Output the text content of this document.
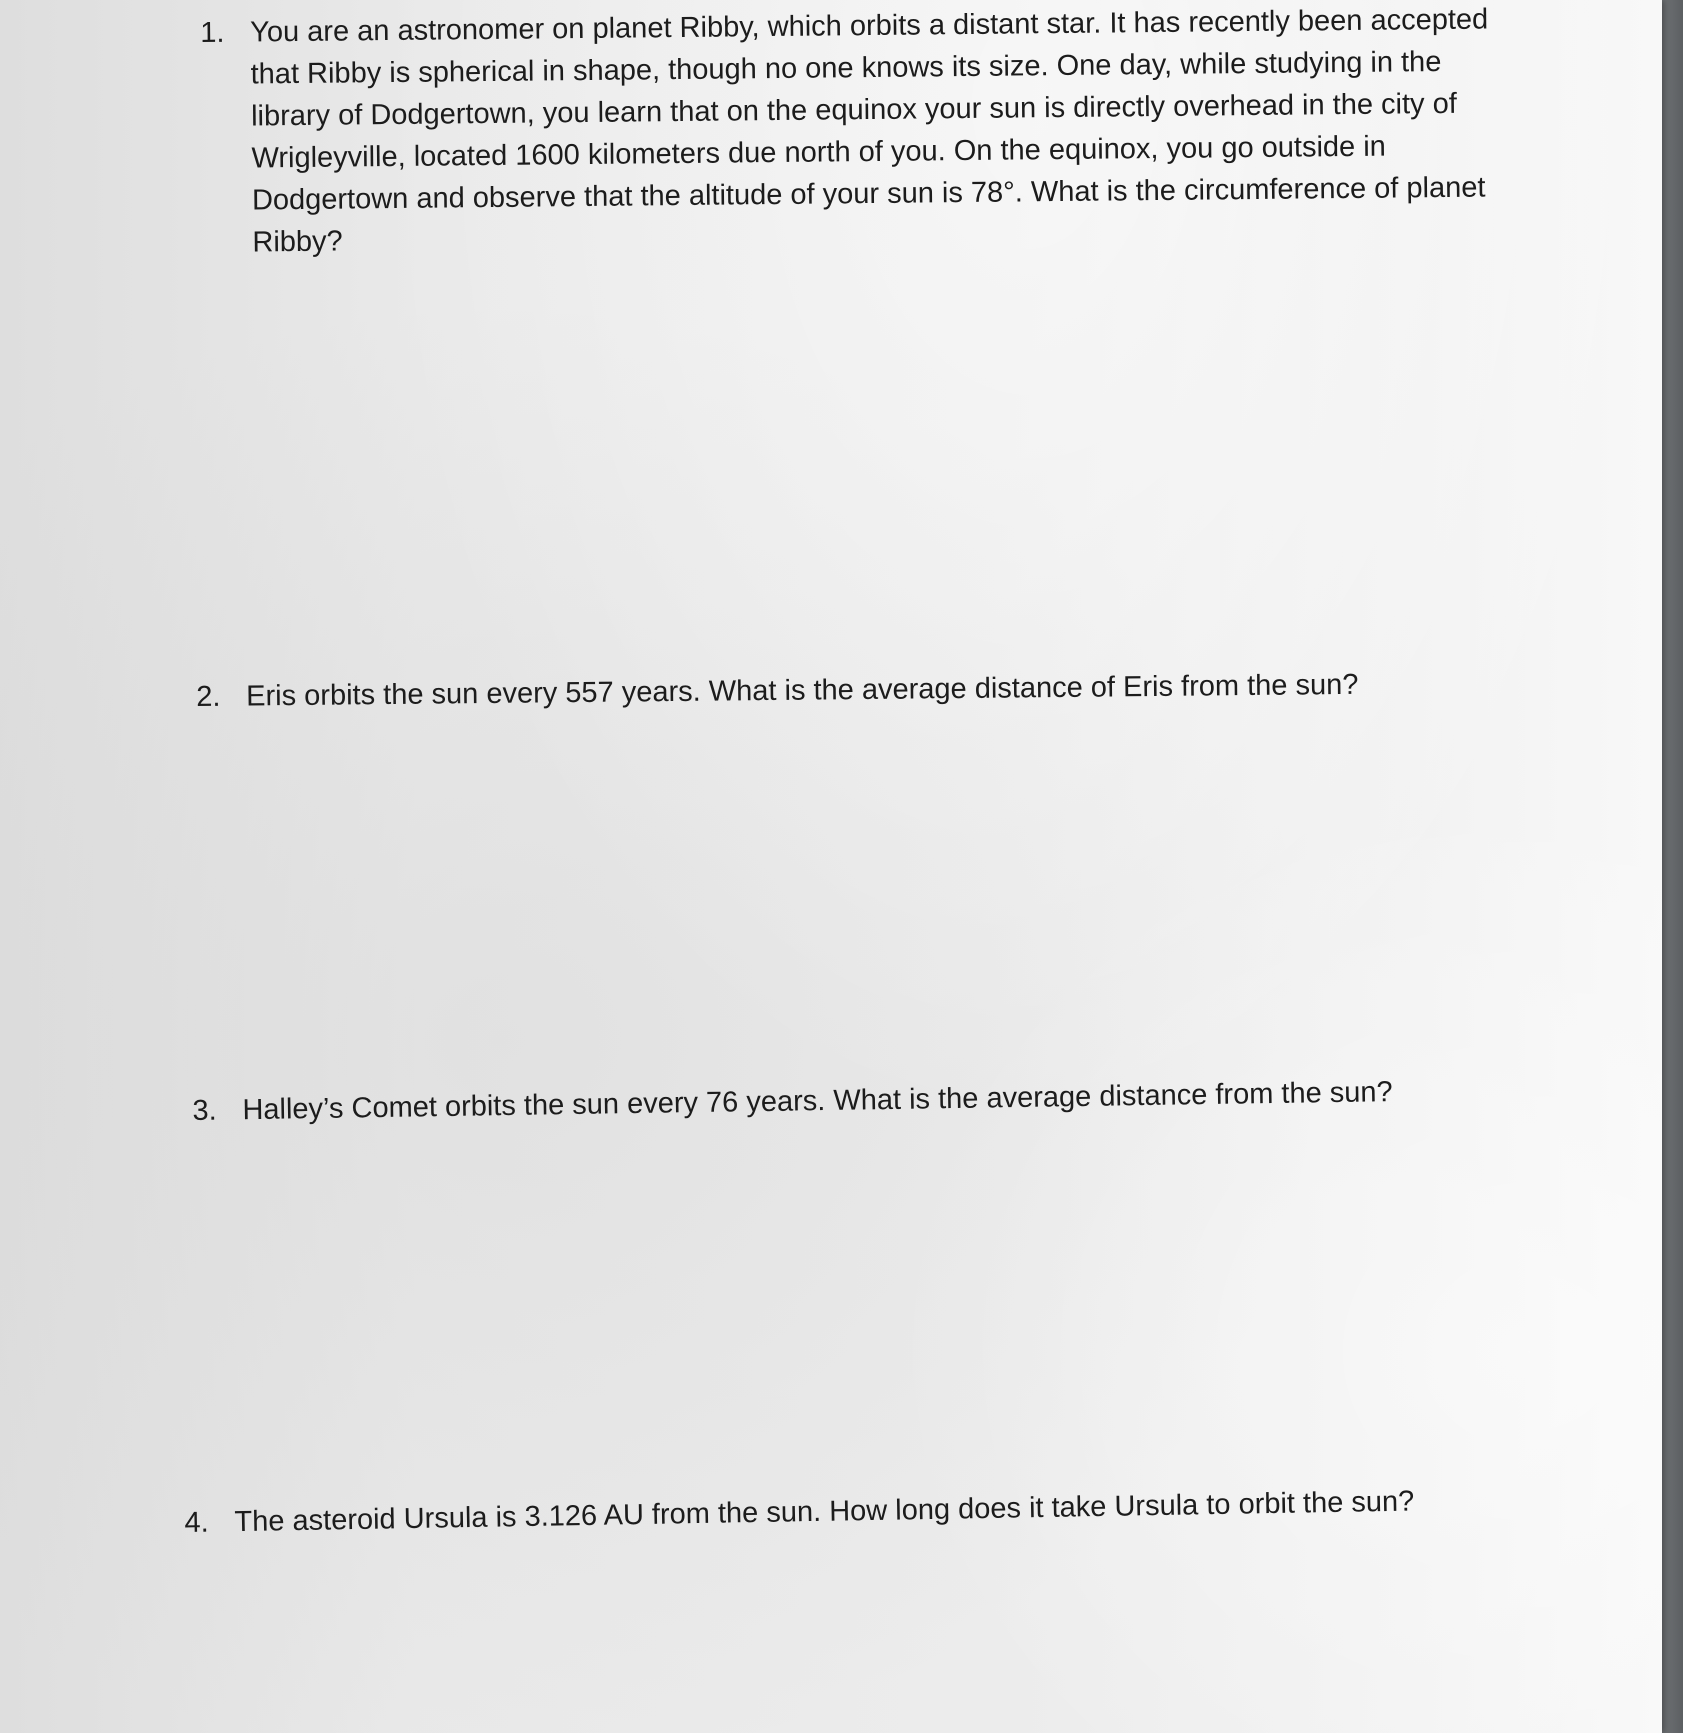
1. You are an astronomer on planet Ribby, which orbits a distant star. It has recently been accepted that Ribby is spherical in shape, though no one knows its size. One day, while studying in the library of Dodgertown, you learn that on the equinox your sun is directly overhead in the city of Wrigleyville, located 1600 kilometers due north of you. On the equinox, you go outside in Dodgertown and observe that the altitude of your sun is 78°. What is the circumference of planet Ribby?
2. Eris orbits the sun every 557 years. What is the average distance of Eris from the sun?
3. Halley’s Comet orbits the sun every 76 years. What is the average distance from the sun?
4. The asteroid Ursula is 3.126 AU from the sun. How long does it take Ursula to orbit the sun?
